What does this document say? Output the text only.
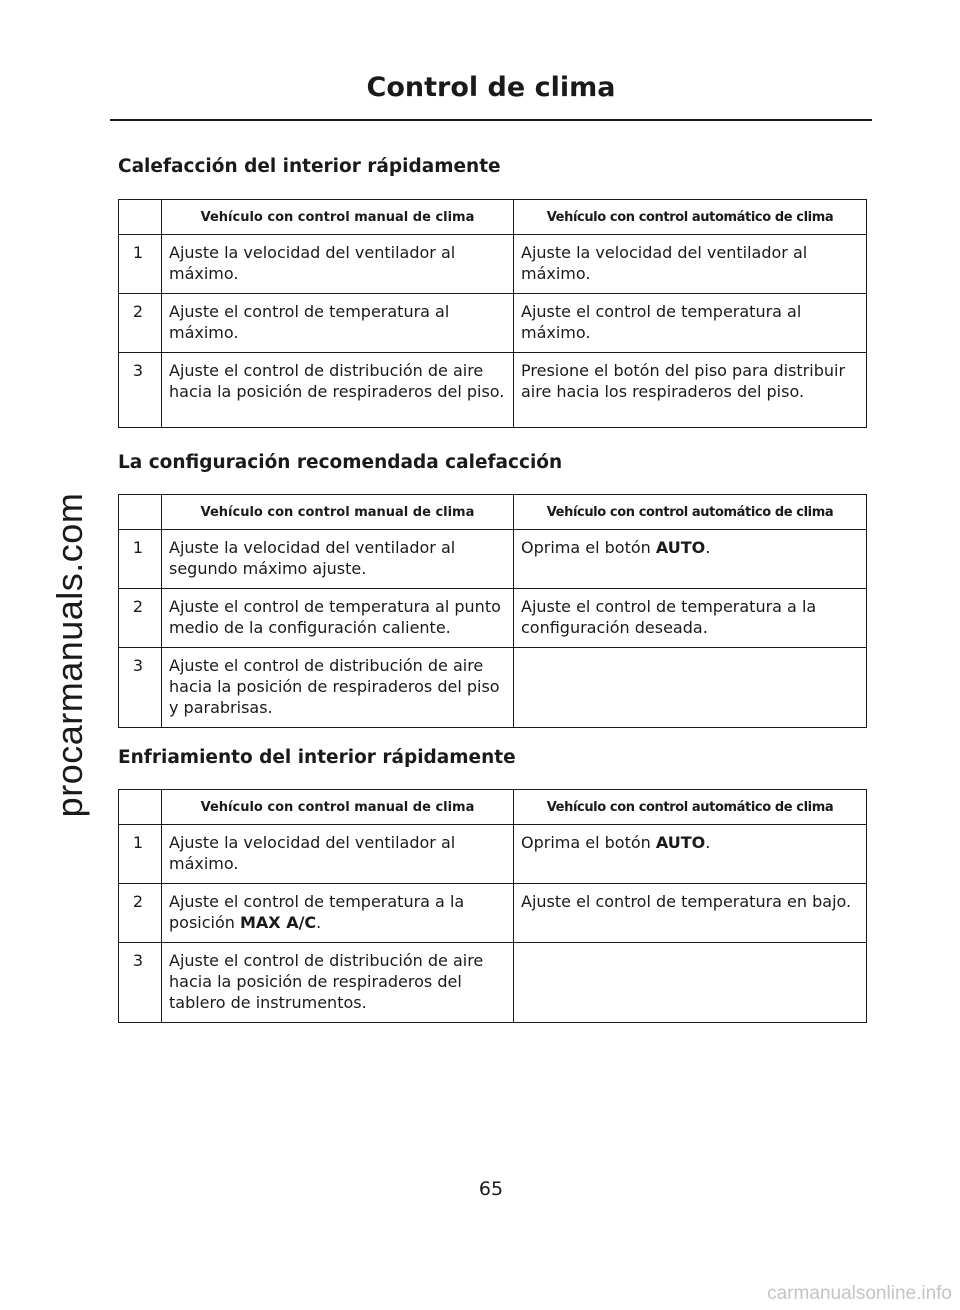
procarmanuals.com
Control de clima
Calefacción del interior rápidamente
	Vehículo con control manual de clima	Vehículo con control automático de clima
1	Ajuste la velocidad del ventilador al máximo.	Ajuste la velocidad del ventilador al máximo.
2	Ajuste el control de temperatura al máximo.	Ajuste el control de temperatura al máximo.
3	Ajuste el control de distribución de aire hacia la posición de respiraderos del piso.	Presione el botón del piso para distribuir aire hacia los respiraderos del piso.
La configuración recomendada calefacción
	Vehículo con control manual de clima	Vehículo con control automático de clima
1	Ajuste la velocidad del ventilador al segundo máximo ajuste.	Oprima el botón AUTO.
2	Ajuste el control de temperatura al punto medio de la configuración caliente.	Ajuste el control de temperatura a la configuración deseada.
3	Ajuste el control de distribución de aire hacia la posición de respiraderos del piso y parabrisas.	
Enfriamiento del interior rápidamente
	Vehículo con control manual de clima	Vehículo con control automático de clima
1	Ajuste la velocidad del ventilador al máximo.	Oprima el botón AUTO.
2	Ajuste el control de temperatura a la posición MAX A/C.	Ajuste el control de temperatura en bajo.
3	Ajuste el control de distribución de aire hacia la posición de respiraderos del tablero de instrumentos.	
65
carmanualsonline.info
